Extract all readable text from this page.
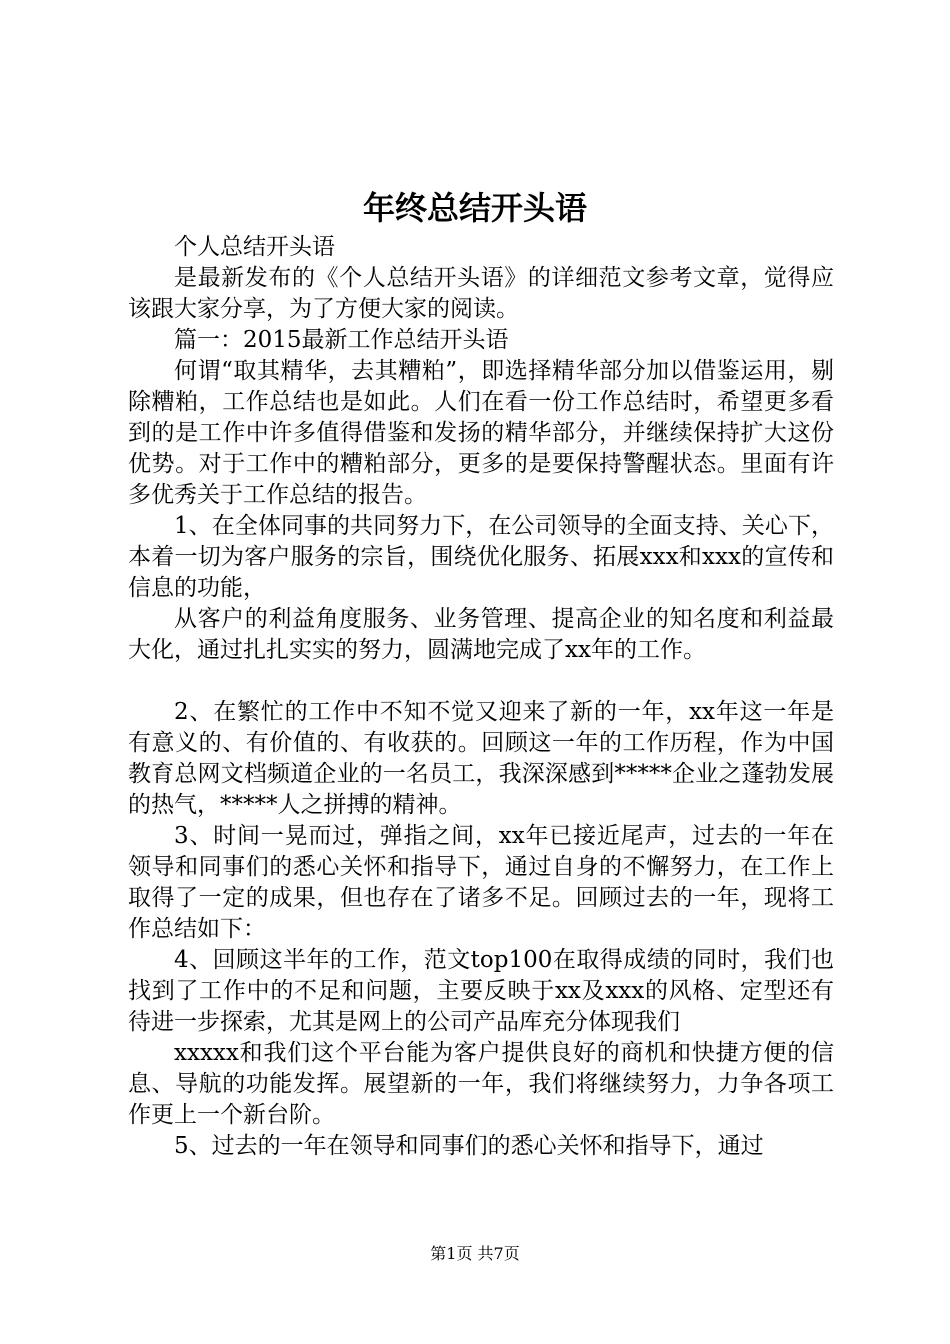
年终总结开头语

个人总结开头语

是最新发布的《个人总结开头语》的详细范文参考文章，觉得应该跟大家分享，为了方便大家的阅读。

篇一：2015最新工作总结开头语

何谓“取其精华，去其糟粕”，即选择精华部分加以借鉴运用，剔除糟粕，工作总结也是如此。人们在看一份工作总结时，希望更多看到的是工作中许多值得借鉴和发扬的精华部分，并继续保持扩大这份优势。对于工作中的糟粕部分，更多的是要保持警醒状态。里面有许多优秀关于工作总结的报告。

1、在全体同事的共同努力下，在公司领导的全面支持、关心下，本着一切为客户服务的宗旨，围绕优化服务、拓展xxx和xxx的宣传和信息的功能，

从客户的利益角度服务、业务管理、提高企业的知名度和利益最大化，通过扎扎实实的努力，圆满地完成了xx年的工作。

2、在繁忙的工作中不知不觉又迎来了新的一年，xx年这一年是有意义的、有价值的、有收获的。回顾这一年的工作历程，作为中国教育总网文档频道企业的一名员工，我深深感到*****企业之蓬勃发展的热气，*****人之拼搏的精神。

3、时间一晃而过，弹指之间，xx年已接近尾声，过去的一年在领导和同事们的悉心关怀和指导下，通过自身的不懈努力，在工作上取得了一定的成果，但也存在了诸多不足。回顾过去的一年，现将工作总结如下：

4、回顾这半年的工作，范文top100在取得成绩的同时，我们也找到了工作中的不足和问题，主要反映于xx及xxx的风格、定型还有待进一步探索，尤其是网上的公司产品库充分体现我们

xxxxx和我们这个平台能为客户提供良好的商机和快捷方便的信息、导航的功能发挥。展望新的一年，我们将继续努力，力争各项工作更上一个新台阶。

5、过去的一年在领导和同事们的悉心关怀和指导下，通过

第1页 共7页
